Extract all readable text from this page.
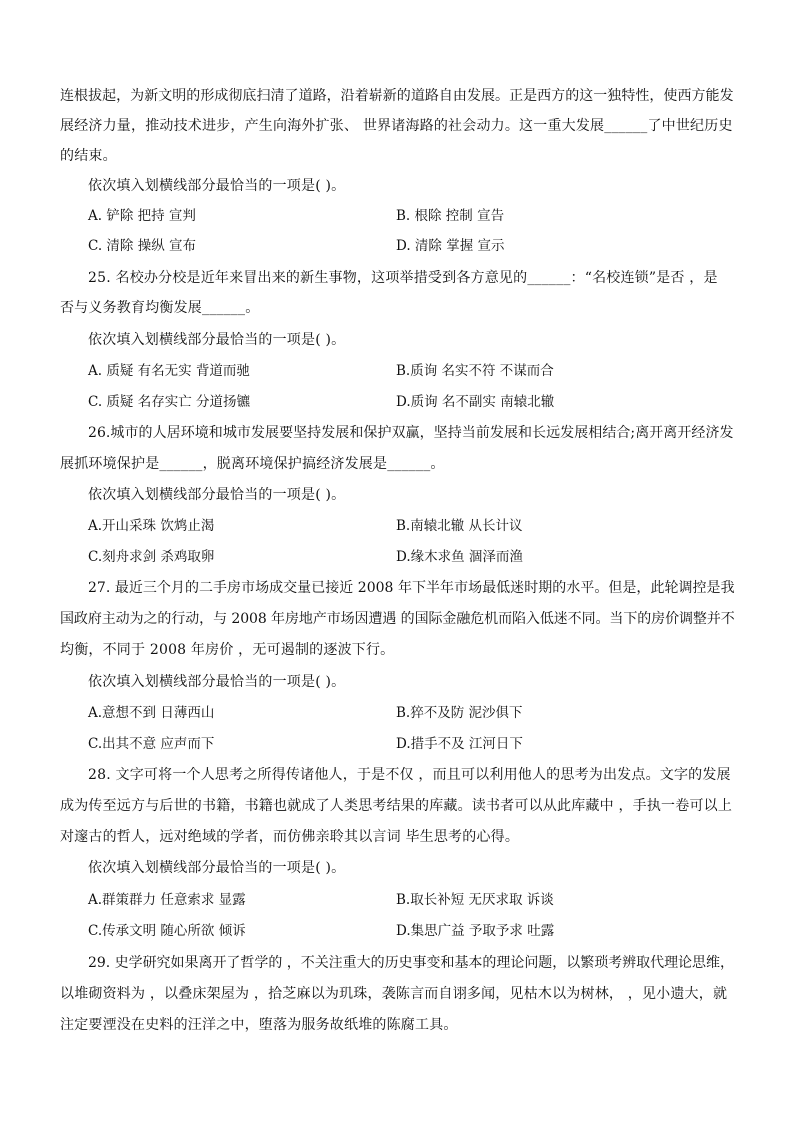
连根拔起，为新文明的形成彻底扫清了道路，沿着崭新的道路自由发展。正是西方的这一独特性，使西方能发
展经济力量，推动技术进步，产生向海外扩张、 世界诸海路的社会动力。这一重大发展______了中世纪历史
的结束。
依次填入划横线部分最恰当的一项是( )。
A. 铲除 把持 宣判	B. 根除 控制 宣告
C. 清除 操纵 宣布	D. 清除 掌握 宣示
25. 名校办分校是近年来冒出来的新生事物，这项举措受到各方意见的______：“名校连锁”是否 ，是
否与义务教育均衡发展______。
依次填入划横线部分最恰当的一项是( )。
A. 质疑 有名无实 背道而驰	B.质询 名实不符 不谋而合
C. 质疑 名存实亡 分道扬镳	D.质询 名不副实 南辕北辙
26.城市的人居环境和城市发展要坚持发展和保护双赢，坚持当前发展和长远发展相结合;离开离开经济发
展抓环境保护是______，脱离环境保护搞经济发展是______。
依次填入划横线部分最恰当的一项是( )。
A.开山采珠 饮鸩止渴	B.南辕北辙 从长计议
C.刻舟求剑 杀鸡取卵	D.缘木求鱼 涸泽而渔
27. 最近三个月的二手房市场成交量已接近 2008 年下半年市场最低迷时期的水平。但是，此轮调控是我
国政府主动为之的行动，与 2008 年房地产市场因遭遇 的国际金融危机而陷入低迷不同。当下的房价调整并不
均衡，不同于 2008 年房价 ，无可遏制的逐波下行。
依次填入划横线部分最恰当的一项是( )。
A.意想不到 日薄西山	B.猝不及防 泥沙俱下
C.出其不意 应声而下	D.措手不及 江河日下
28. 文字可将一个人思考之所得传诸他人，于是不仅 ，而且可以利用他人的思考为出发点。文字的发展
成为传至远方与后世的书籍，书籍也就成了人类思考结果的库藏。读书者可以从此库藏中 ，手执一卷可以上
对邃古的哲人，远对绝域的学者，而仿佛亲聆其以言词 毕生思考的心得。
依次填入划横线部分最恰当的一项是( )。
A.群策群力 任意索求 显露	B.取长补短 无厌求取 诉谈
C.传承文明 随心所欲 倾诉	D.集思广益 予取予求 吐露
29. 史学研究如果离开了哲学的 ，不关注重大的历史事变和基本的理论问题，以繁琐考辨取代理论思维，
以堆砌资料为 ，以叠床架屋为 ，拾芝麻以为玑珠，袭陈言而自诩多闻，见枯木以为树林， ，见小遗大，就
注定要湮没在史料的汪洋之中，堕落为服务故纸堆的陈腐工具。
